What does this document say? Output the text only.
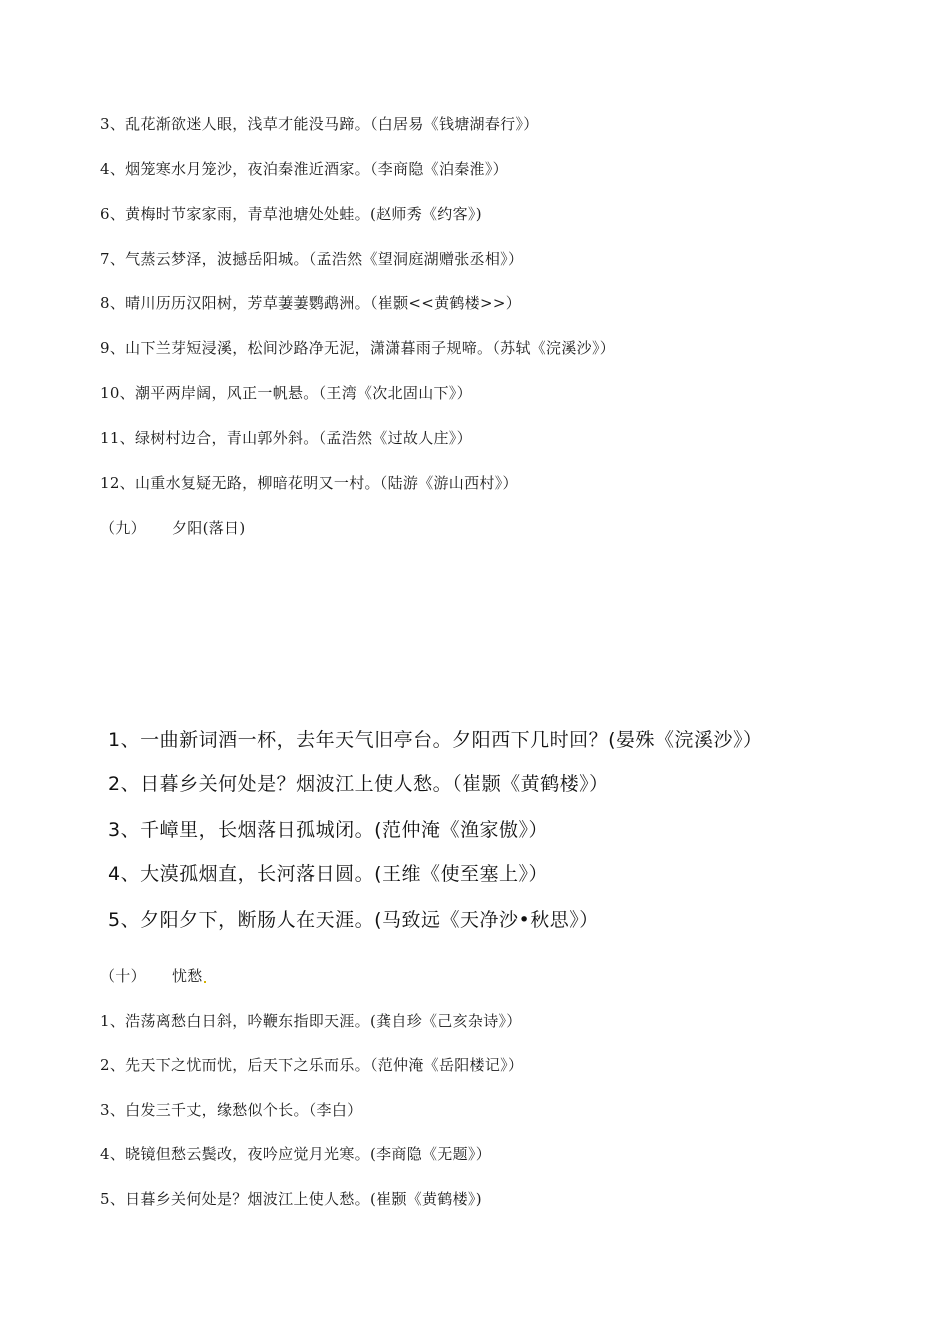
3、乱花渐欲迷人眼，浅草才能没马蹄。（白居易《钱塘湖春行》）
4、烟笼寒水月笼沙，夜泊秦淮近酒家。（李商隐《泊秦淮》）
6、黄梅时节家家雨，青草池塘处处蛙。(赵师秀《约客》)
7、气蒸云梦泽，波撼岳阳城。（孟浩然《望洞庭湖赠张丞相》）
8、晴川历历汉阳树，芳草萋萋鹦鹉洲。（崔颢<<黄鹤楼>>）
9、山下兰芽短浸溪，松间沙路净无泥，潇潇暮雨子规啼。（苏轼《浣溪沙》）
10、潮平两岸阔，风正一帆悬。（王湾《次北固山下》）
11、绿树村边合，青山郭外斜。（孟浩然《过故人庄》）
12、山重水复疑无路，柳暗花明又一村。（陆游《游山西村》）
（九） 夕阳(落日)
1、一曲新词酒一杯，去年天气旧亭台。夕阳西下几时回？(晏殊《浣溪沙》）
2、日暮乡关何处是？烟波江上使人愁。（崔颢《黄鹤楼》）
3、千嶂里，长烟落日孤城闭。(范仲淹《渔家傲》）
4、大漠孤烟直，长河落日圆。(王维《使至塞上》）
5、夕阳夕下，断肠人在天涯。(马致远《天净沙•秋思》）
（十） 忧愁
1、浩荡离愁白日斜，吟鞭东指即天涯。(龚自珍《己亥杂诗》）
2、先天下之忧而忧，后天下之乐而乐。（范仲淹《岳阳楼记》）
3、白发三千丈，缘愁似个长。（李白）
4、晓镜但愁云鬓改，夜吟应觉月光寒。(李商隐《无题》）
5、日暮乡关何处是？烟波江上使人愁。(崔颢《黄鹤楼》)
